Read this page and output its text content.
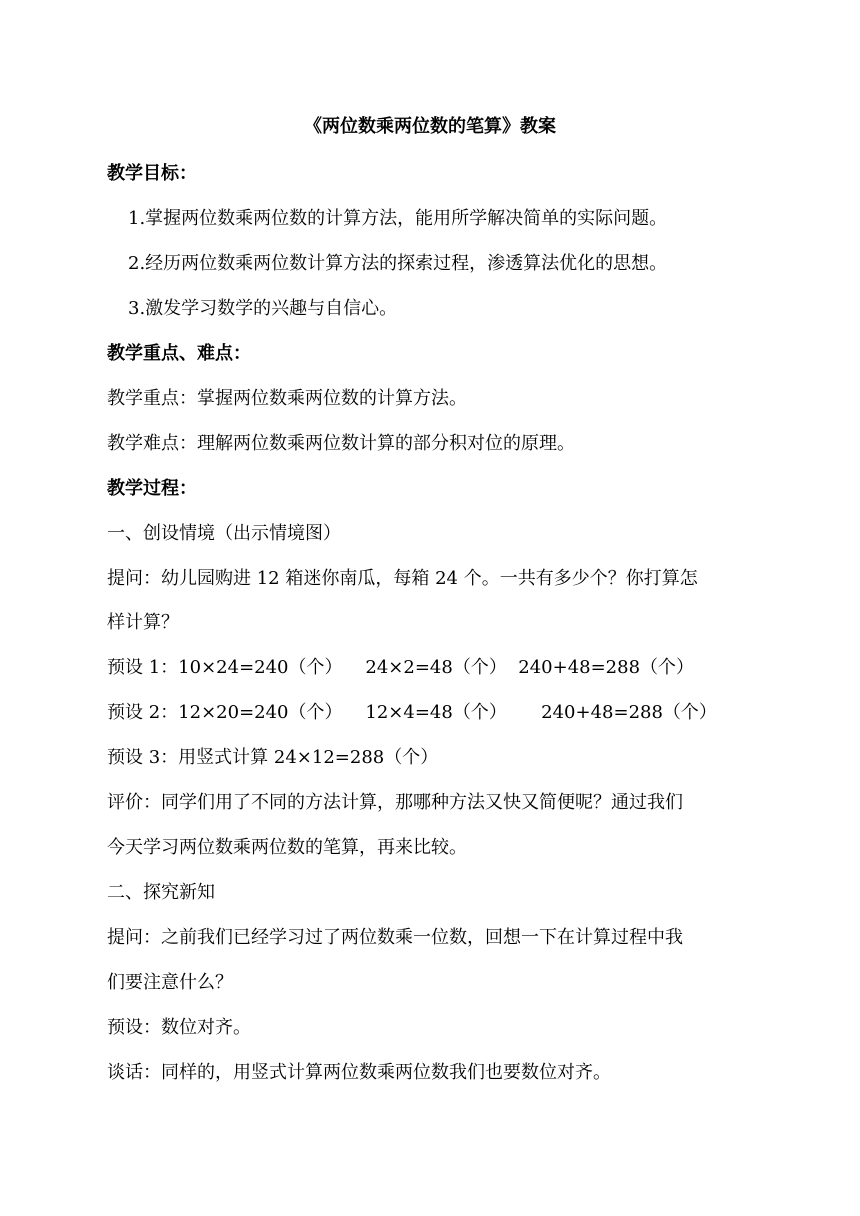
《两位数乘两位数的笔算》教案
教学目标：
1.掌握两位数乘两位数的计算方法，能用所学解决简单的实际问题。
2.经历两位数乘两位数计算方法的探索过程，渗透算法优化的思想。
3.激发学习数学的兴趣与自信心。
教学重点、难点：
教学重点：掌握两位数乘两位数的计算方法。
教学难点：理解两位数乘两位数计算的部分积对位的原理。
教学过程：
一、创设情境（出示情境图）
提问：幼儿园购进 12 箱迷你南瓜，每箱 24 个。一共有多少个？你打算怎
样计算？
预设 1：10×24=240（个）    24×2=48（个）  240+48=288（个）
预设 2：12×20=240（个）    12×4=48（个）      240+48=288（个）
预设 3：用竖式计算 24×12=288（个）
评价：同学们用了不同的方法计算，那哪种方法又快又简便呢？通过我们
今天学习两位数乘两位数的笔算，再来比较。
二、探究新知
提问：之前我们已经学习过了两位数乘一位数，回想一下在计算过程中我
们要注意什么？
预设：数位对齐。
谈话：同样的，用竖式计算两位数乘两位数我们也要数位对齐。
